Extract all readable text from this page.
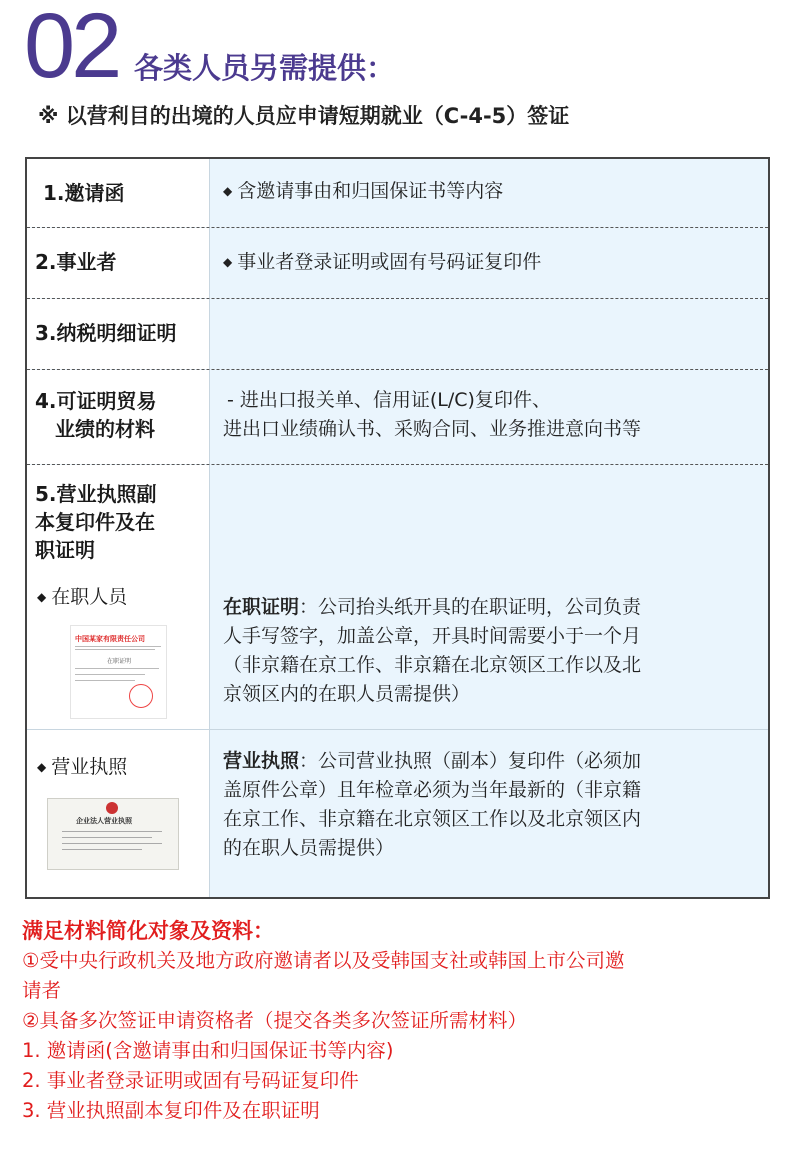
02 各类人员另需提供：
※ 以营利目的出境的人员应申请短期就业（C-4-5）签证
1.邀请函	◆ 含邀请事由和归国保证书等内容
2.事业者	◆ 事业者登录证明或固有号码证复印件
3.纳税明细证明
4.可证明贸易
业绩的材料
- 进出口报关单、信用证(L/C)复印件、
进出口业绩确认书、采购合同、业务推进意向书等
5.营业执照副
本复印件及在
职证明
◆ 在职人员
中国某家有限责任公司
在职证明
在职证明：公司抬头纸开具的在职证明，公司负责
人手写签字，加盖公章，开具时间需要小于一个月
（非京籍在京工作、非京籍在北京领区工作以及北
京领区内的在职人员需提供）
◆ 营业执照
企业法人营业执照
营业执照：公司营业执照（副本）复印件（必须加
盖原件公章）且年检章必须为当年最新的（非京籍
在京工作、非京籍在北京领区工作以及北京领区内
的在职人员需提供）
满足材料简化对象及资料：
①受中央行政机关及地方政府邀请者以及受韩国支社或韩国上市公司邀
请者
②具备多次签证申请资格者（提交各类多次签证所需材料）
1. 邀请函(含邀请事由和归国保证书等内容)
2. 事业者登录证明或固有号码证复印件
3. 营业执照副本复印件及在职证明
